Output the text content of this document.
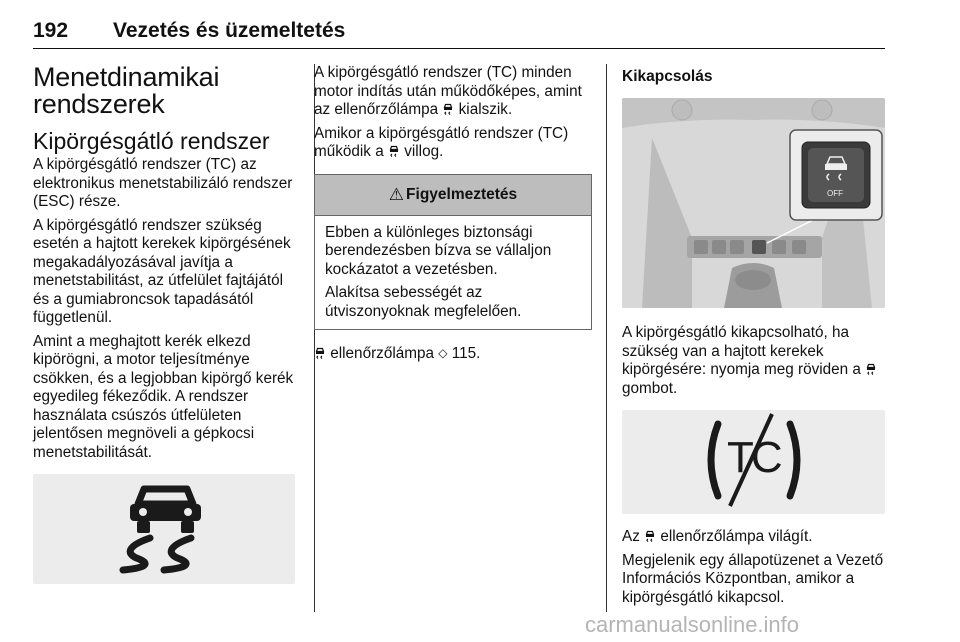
192 Vezetés és üzemeltetés
Menetdinamikai
rendszerek
Kipörgésgátló rendszer

A kipörgésgátló rendszer (TC) az elektronikus menetstabilizáló rendszer (ESC) része.

A kipörgésgátló rendszer szükség esetén a hajtott kerekek kipörgésének megakadályozásával javítja a menetstabilitást, az útfelület fajtájától és a gumiabroncsok tapadásától függetlenül.

Amint a meghajtott kerék elkezd kipörögni, a motor teljesítménye csökken, és a legjobban kipörgő kerék egyedileg fékeződik. A rendszer használata csúszós útfelületen jelentősen megnöveli a gépkocsi menetstabilitását.

A kipörgésgátló rendszer (TC) minden motor indítás után működőképes, amint az ellenőrzőlámpa kialszik.

Amikor a kipörgésgátló rendszer (TC) működik a villog.

⚠ Figyelmeztetés

Ebben a különleges biztonsági berendezésben bízva se vállaljon kockázatot a vezetésben.

Alakítsa sebességét az útviszonyoknak megfelelően.

ellenőrzőlámpa ◇ 115.

Kikapcsolás
OFF

A kipörgésgátló kikapcsolható, ha szükség van a hajtott kerekek kipörgésére: nyomja meg röviden a  gombot.

TC

Az ellenőrzőlámpa világít.

Megjelenik egy állapotüzenet a Vezető Információs Központban, amikor a kipörgésgátló kikapcsol.

carmanualsonline.info
